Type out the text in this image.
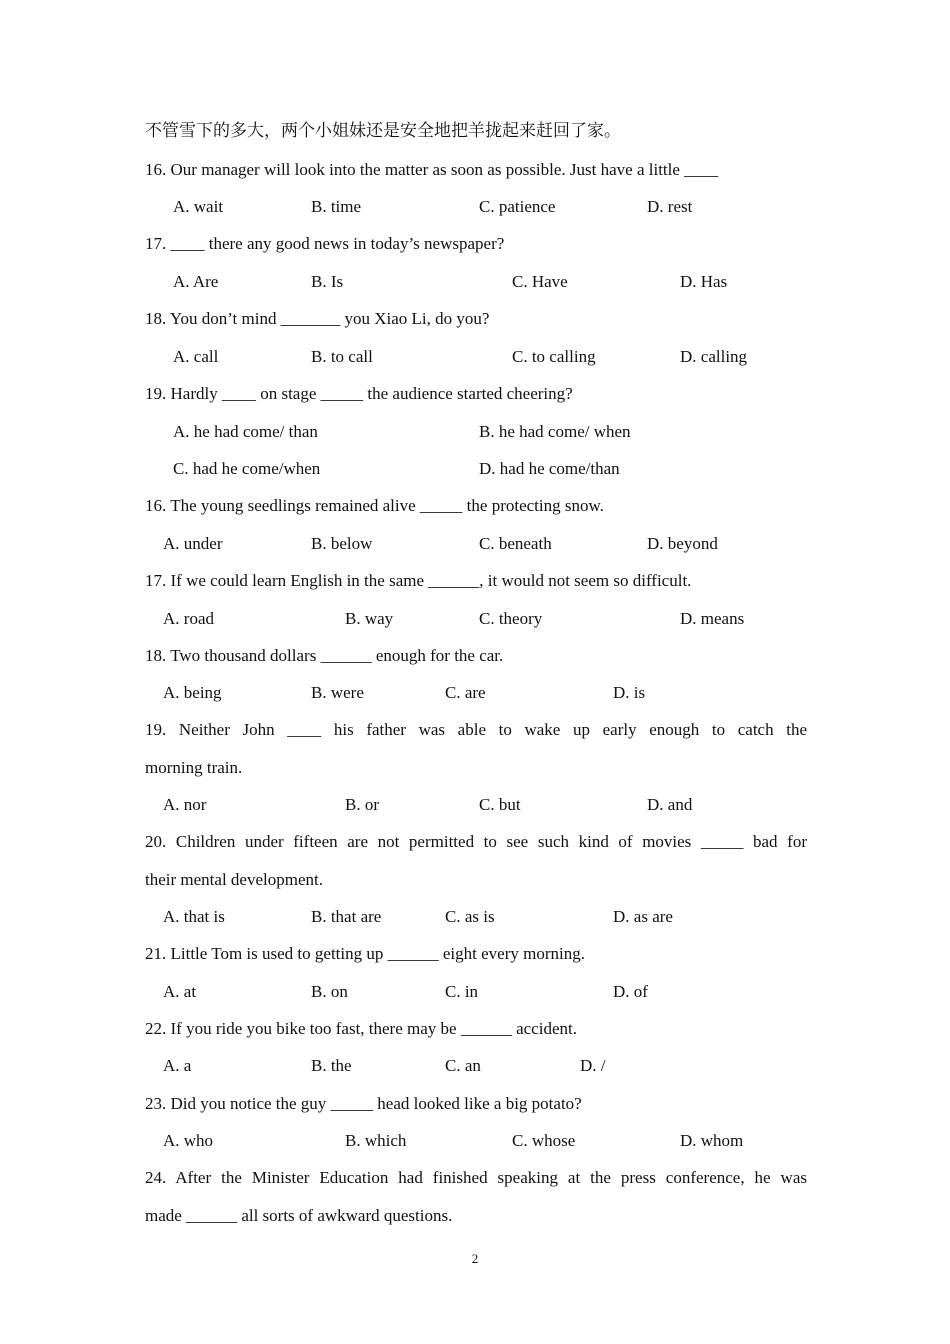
不管雪下的多大，两个小姐妹还是安全地把羊拢起来赶回了家。
16. Our manager will look into the matter as soon as possible. Just have a little ____
A. wait	B. time	C. patience	D. rest
17. ____ there any good news in today’s newspaper?
A. Are	B. Is	C. Have	D. Has
18. You don’t mind _______ you Xiao Li, do you?
A. call	B. to call	C. to calling	D. calling
19. Hardly ____ on stage _____ the audience started cheering?
A. he had come/ than	B. he had come/ when
C. had he come/when	D. had he come/than
16. The young seedlings remained alive _____ the protecting snow.
A. under	B. below	C. beneath	D. beyond
17. If we could learn English in the same ______, it would not seem so difficult.
A. road	B. way	C. theory	D. means
18. Two thousand dollars ______ enough for the car.
A. being	B. were	C. are	D. is
19. Neither John ____ his father was able to wake up early enough to catch the
morning train.
A. nor	B. or	C. but	D. and
20. Children under fifteen are not permitted to see such kind of movies _____ bad for
their mental development.
A. that is	B. that are	C. as is	D. as are
21. Little Tom is used to getting up ______ eight every morning.
A. at	B. on	C. in	D. of
22. If you ride you bike too fast, there may be ______ accident.
A. a	B. the	C. an	D. /
23. Did you notice the guy _____ head looked like a big potato?
A. who	B. which	C. whose	D. whom
24. After the Minister Education had finished speaking at the press conference, he was
made ______ all sorts of awkward questions.
2
